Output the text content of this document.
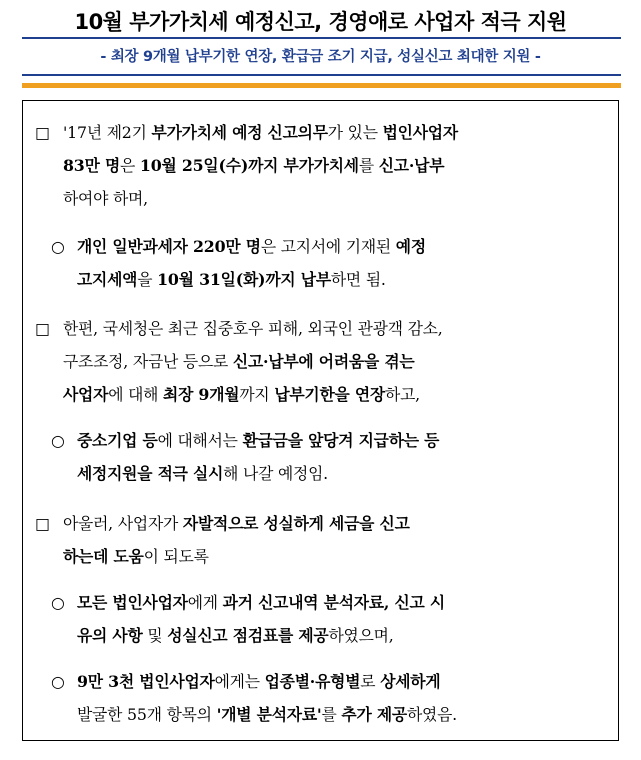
10월 부가가치세 예정신고, 경영애로 사업자 적극 지원
- 최장 9개월 납부기한 연장, 환급금 조기 지급, 성실신고 최대한 지원 -
□ '17년 제2기 부가가치세 예정 신고의무가 있는 법인사업자
83만 명은 10월 25일(수)까지 부가가치세를 신고·납부
하여야 하며,
○ 개인 일반과세자 220만 명은 고지서에 기재된 예정
고지세액을 10월 31일(화)까지 납부하면 됨.
□ 한편, 국세청은 최근 집중호우 피해, 외국인 관광객 감소,
구조조정, 자금난 등으로 신고·납부에 어려움을 겪는
사업자에 대해 최장 9개월까지 납부기한을 연장하고,
○ 중소기업 등에 대해서는 환급금을 앞당겨 지급하는 등
세정지원을 적극 실시해 나갈 예정임.
□ 아울러, 사업자가 자발적으로 성실하게 세금을 신고
하는데 도움이 되도록
○ 모든 법인사업자에게 과거 신고내역 분석자료, 신고 시
유의 사항 및 성실신고 점검표를 제공하였으며,
○ 9만 3천 법인사업자에게는 업종별·유형별로 상세하게
발굴한 55개 항목의 '개별 분석자료'를 추가 제공하였음.
